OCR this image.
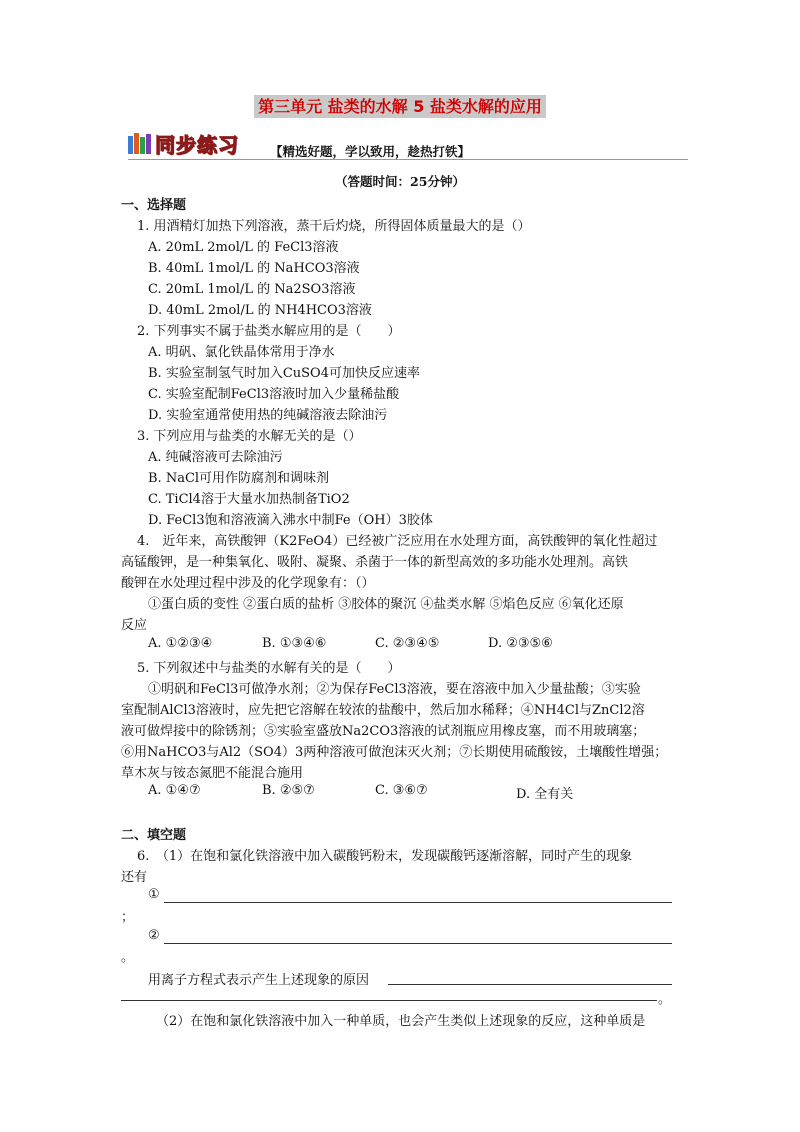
第三单元 盐类的水解 5 盐类水解的应用
同步练习 【精选好题，学以致用，趁热打铁】
（答题时间：25分钟）
一、选择题
1. 用酒精灯加热下列溶液，蒸干后灼烧，所得固体质量最大的是（）
A. 20mL 2mol/L 的 FeCl3溶液
B. 40mL 1mol/L 的 NaHCO3溶液
C. 20mL 1mol/L 的 Na2SO3溶液
D. 40mL 2mol/L 的 NH4HCO3溶液
2. 下列事实不属于盐类水解应用的是（　　）
A. 明矾、氯化铁晶体常用于净水
B. 实验室制氢气时加入CuSO4可加快反应速率
C. 实验室配制FeCl3溶液时加入少量稀盐酸
D. 实验室通常使用热的纯碱溶液去除油污
3. 下列应用与盐类的水解无关的是（）
A. 纯碱溶液可去除油污
B. NaCl可用作防腐剂和调味剂
C. TiCl4溶于大量水加热制备TiO2
D. FeCl3饱和溶液滴入沸水中制Fe（OH）3胶体
4.　近年来，高铁酸钾（K2FeO4）已经被广泛应用在水处理方面，高铁酸钾的氧化性超过
高锰酸钾，是一种集氧化、吸附、凝聚、杀菌于一体的新型高效的多功能水处理剂。高铁
酸钾在水处理过程中涉及的化学现象有：（）
①蛋白质的变性 ②蛋白质的盐析 ③胶体的聚沉 ④盐类水解 ⑤焰色反应 ⑥氧化还原
反应
A. ①②③④	B. ①③④⑥	C. ②③④⑤	D. ②③⑤⑥
5. 下列叙述中与盐类的水解有关的是（　　）
①明矾和FeCl3可做净水剂；②为保存FeCl3溶液，要在溶液中加入少量盐酸；③实验
室配制AlCl3溶液时，应先把它溶解在较浓的盐酸中，然后加水稀释；④NH4Cl与ZnCl2溶
液可做焊接中的除锈剂；⑤实验室盛放Na2CO3溶液的试剂瓶应用橡皮塞，而不用玻璃塞；
⑥用NaHCO3与Al2（SO4）3两种溶液可做泡沫灭火剂；⑦长期使用硫酸铵，土壤酸性增强；
草木灰与铵态氮肥不能混合施用
A. ①④⑦	B. ②⑤⑦	C. ③⑥⑦	D. 全有关
二、填空题
6.　（1）在饱和氯化铁溶液中加入碳酸钙粉末，发现碳酸钙逐渐溶解，同时产生的现象
还有
①
；
②
。
用离子方程式表示产生上述现象的原因
。
（2）在饱和氯化铁溶液中加入一种单质，也会产生类似上述现象的反应，这种单质是
